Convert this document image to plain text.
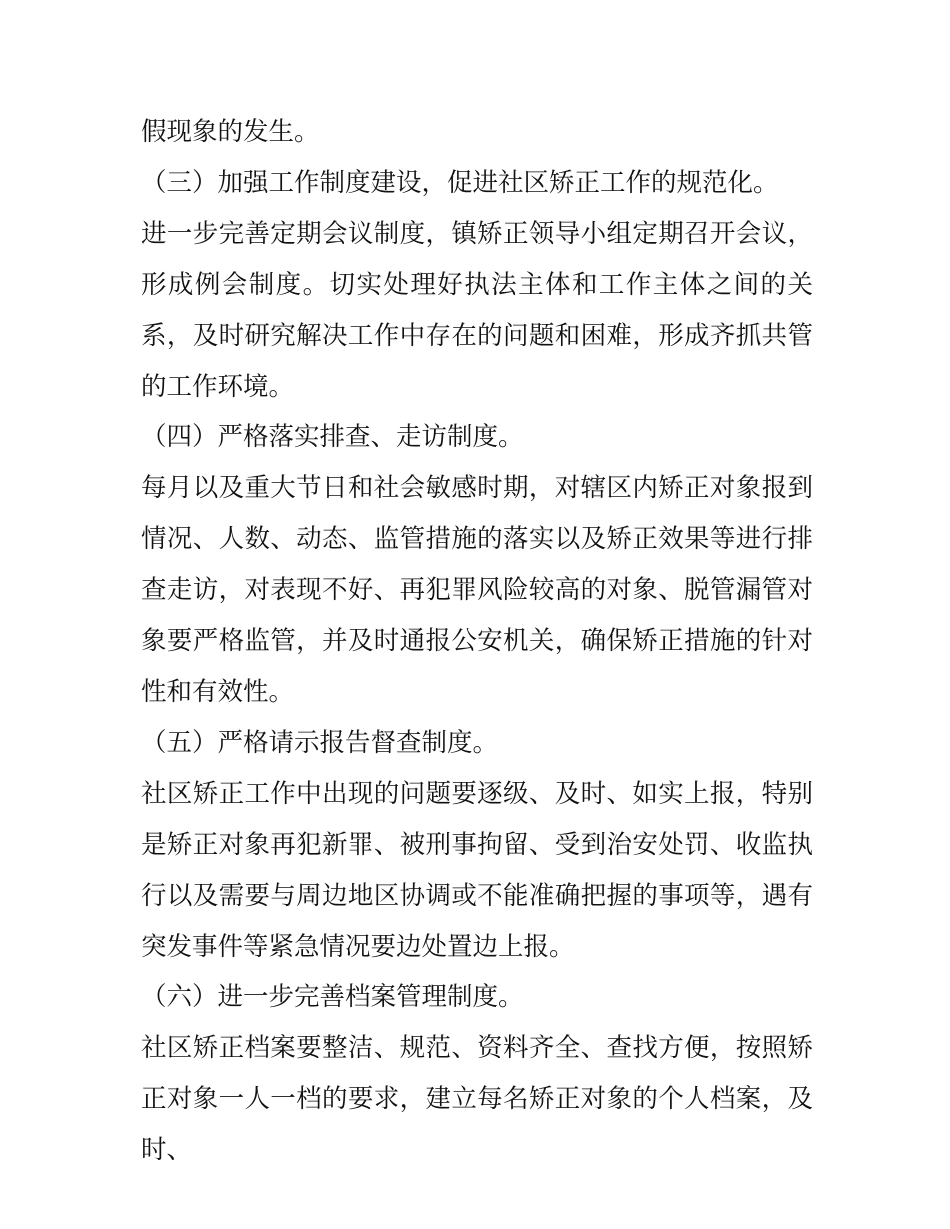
假现象的发生。

（三）加强工作制度建设，促进社区矫正工作的规范化。

进一步完善定期会议制度，镇矫正领导小组定期召开会议，形成例会制度。切实处理好执法主体和工作主体之间的关系，及时研究解决工作中存在的问题和困难，形成齐抓共管的工作环境。

（四）严格落实排查、走访制度。

每月以及重大节日和社会敏感时期，对辖区内矫正对象报到情况、人数、动态、监管措施的落实以及矫正效果等进行排查走访，对表现不好、再犯罪风险较高的对象、脱管漏管对象要严格监管，并及时通报公安机关，确保矫正措施的针对性和有效性。

（五）严格请示报告督查制度。

社区矫正工作中出现的问题要逐级、及时、如实上报，特别是矫正对象再犯新罪、被刑事拘留、受到治安处罚、收监执行以及需要与周边地区协调或不能准确把握的事项等，遇有突发事件等紧急情况要边处置边上报。

（六）进一步完善档案管理制度。

社区矫正档案要整洁、规范、资料齐全、查找方便，按照矫正对象一人一档的要求，建立每名矫正对象的个人档案，及时、
